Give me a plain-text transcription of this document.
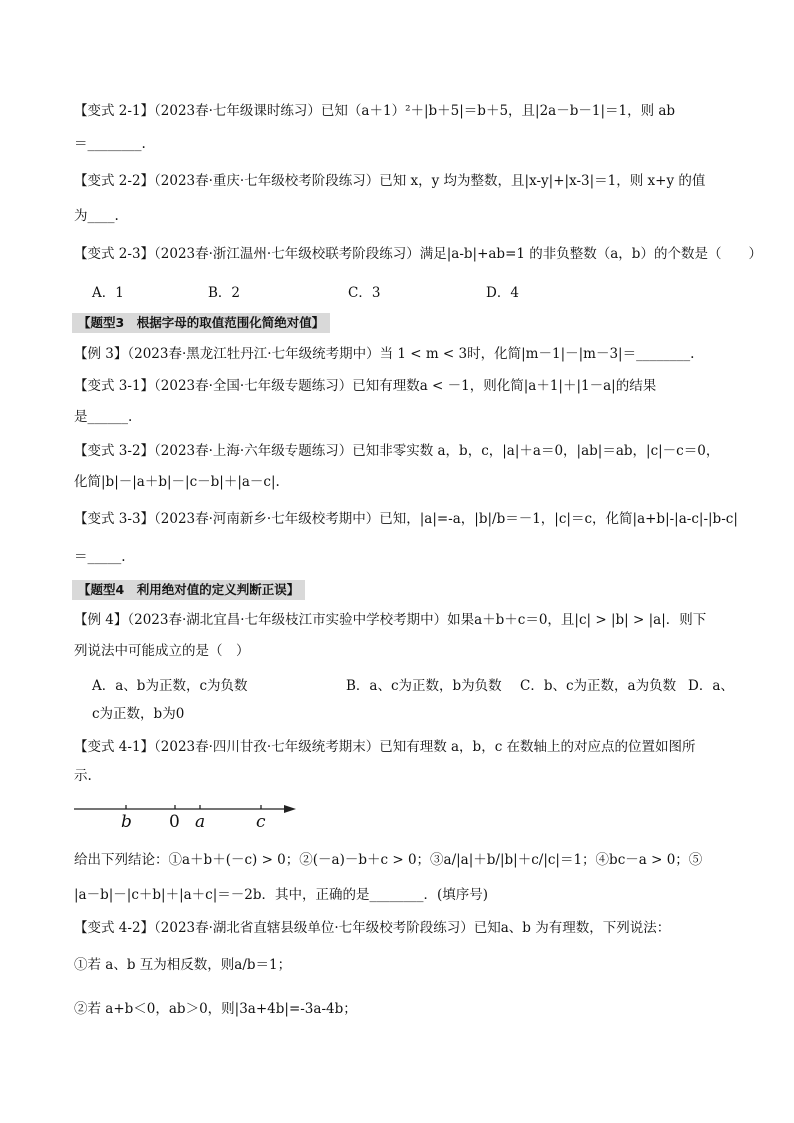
【变式 2-1】（2023春·七年级课时练习）已知（a＋1）²＋|b＋5|＝b＋5，且|2a－b－1|＝1，则 ab
＝________.
【变式 2-2】（2023春·重庆·七年级校考阶段练习）已知 x，y 均为整数，且|x-y|+|x-3|＝1，则 x+y 的值
为____.
【变式 2-3】（2023春·浙江温州·七年级校联考阶段练习）满足|a-b|+ab=1 的非负整数（a，b）的个数是（　　）
A．1	B．2	C．3	D．4
【题型3　根据字母的取值范围化简绝对值】
【例 3】（2023春·黑龙江牡丹江·七年级统考期中）当 1 < m < 3时，化简|m－1|－|m－3|＝________.
【变式 3-1】（2023春·全国·七年级专题练习）已知有理数a < －1，则化简|a＋1|＋|1－a|的结果
是______.
【变式 3-2】（2023春·上海·六年级专题练习）已知非零实数 a，b，c，|a|＋a＝0，|ab|＝ab，|c|－c＝0，
化简|b|－|a＋b|－|c－b|＋|a－c|.
【变式 3-3】（2023春·河南新乡·七年级校考期中）已知，|a|=-a，|b|/b＝－1，|c|＝c，化简|a+b|-|a-c|-|b-c|
＝_____.
【题型4　利用绝对值的定义判断正误】
【例 4】（2023春·湖北宜昌·七年级枝江市实验中学校考期中）如果a＋b＋c＝0，且|c| > |b| > |a|．则下
列说法中可能成立的是（　）
A．a、b为正数，c为负数	B．a、c为正数，b为负数 C．b、c为正数，a为负数 D．a、
c为正数，b为0
【变式 4-1】（2023春·四川甘孜·七年级统考期末）已知有理数 a，b，c 在数轴上的对应点的位置如图所
示.
b 0 a	c
给出下列结论：①a＋b＋(－c) > 0；②(－a)－b＋c > 0；③a/|a|＋b/|b|＋c/|c|＝1；④bc－a > 0；⑤
|a－b|－|c＋b|＋|a＋c|＝－2b．其中，正确的是________．(填序号)
【变式 4-2】（2023春·湖北省直辖县级单位·七年级校考阶段练习）已知a、b 为有理数，下列说法：
①若 a、b 互为相反数，则a/b＝1；
②若 a+b＜0，ab＞0，则|3a+4b|=-3a-4b；
